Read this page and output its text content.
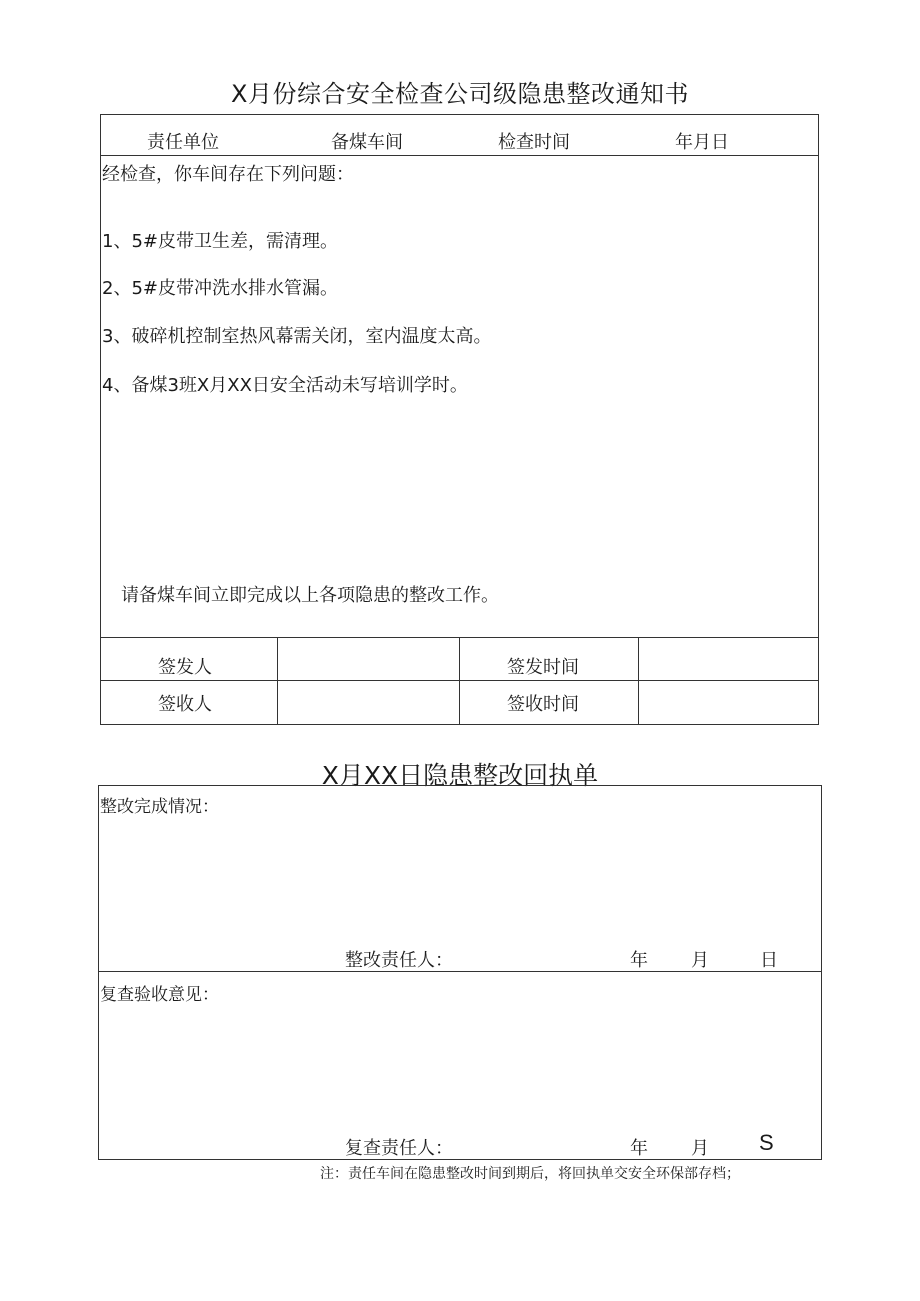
X月份综合安全检查公司级隐患整改通知书
责任单位	备煤车间	检查时间	年月日
经检查，你车间存在下列问题：
1、5#皮带卫生差，需清理。
2、5#皮带冲洗水排水管漏。
3、破碎机控制室热风幕需关闭，室内温度太高。
4、备煤3班X月XX日安全活动未写培训学时。
请备煤车间立即完成以上各项隐患的整改工作。
签发人	签发时间
签收人	签收时间
X月XX日隐患整改回执单
整改完成情况：
整改责任人：	年 月	日
复查验收意见：
复查责任人：	年 月 S
注：责任车间在隐患整改时间到期后，将回执单交安全环保部存档；
